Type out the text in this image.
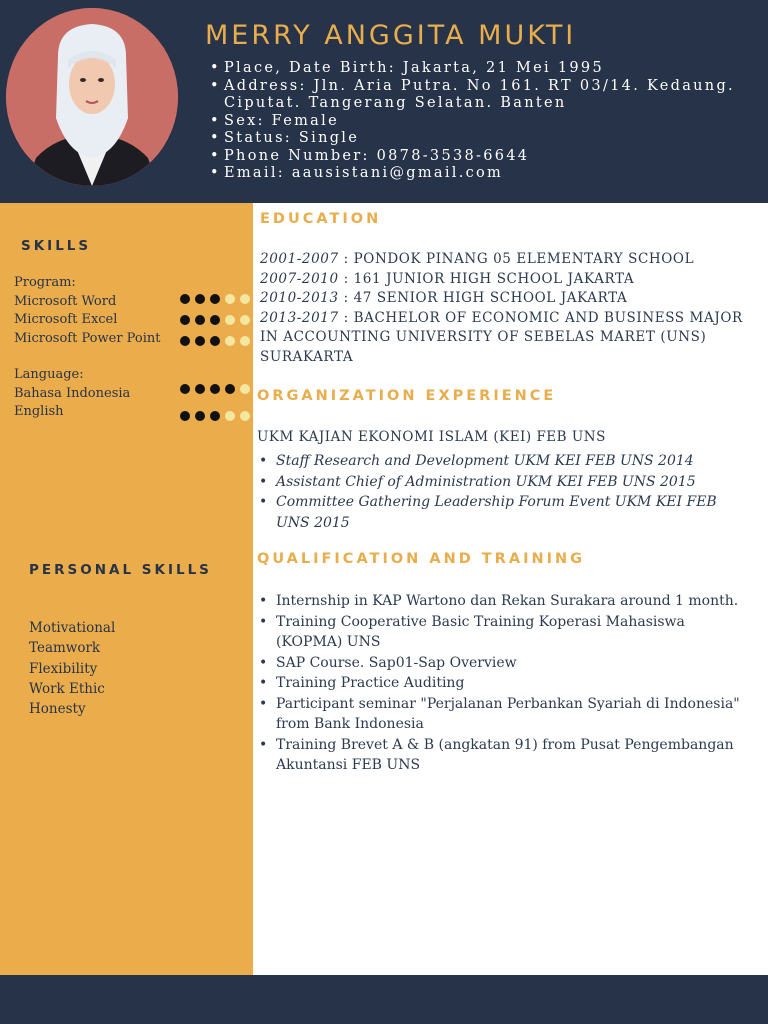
MERRY ANGGITA MUKTI
• Place, Date Birth: Jakarta, 21 Mei 1995
• Address: Jln. Aria Putra. No 161. RT 03/14. Kedaung. Ciputat. Tangerang Selatan. Banten
• Sex: Female
• Status: Single
• Phone Number: 0878-3538-6644
• Email: aausistani@gmail.com
SKILLS
Program:
Microsoft Word
Microsoft Excel
Microsoft Power Point
Language:
Bahasa Indonesia
English
PERSONAL SKILLS
Motivational
Teamwork
Flexibility
Work Ethic
Honesty
EDUCATION
2001-2007 : PONDOK PINANG 05 ELEMENTARY SCHOOL
2007-2010 : 161 JUNIOR HIGH SCHOOL JAKARTA
2010-2013 : 47 SENIOR HIGH SCHOOL JAKARTA
2013-2017 : BACHELOR OF ECONOMIC AND BUSINESS MAJOR IN ACCOUNTING UNIVERSITY OF SEBELAS MARET (UNS) SURAKARTA
ORGANIZATION EXPERIENCE
UKM KAJIAN EKONOMI ISLAM (KEI) FEB UNS
• Staff Research and Development UKM KEI FEB UNS 2014
• Assistant Chief of Administration UKM KEI FEB UNS 2015
• Committee Gathering Leadership Forum Event UKM KEI FEB UNS 2015
QUALIFICATION AND TRAINING
• Internship in KAP Wartono dan Rekan Surakara around 1 month.
• Training Cooperative Basic Training Koperasi Mahasiswa (KOPMA) UNS
• SAP Course. Sap01-Sap Overview
• Training Practice Auditing
• Participant seminar "Perjalanan Perbankan Syariah di Indonesia" from Bank Indonesia
• Training Brevet A & B (angkatan 91) from Pusat Pengembangan Akuntansi FEB UNS
